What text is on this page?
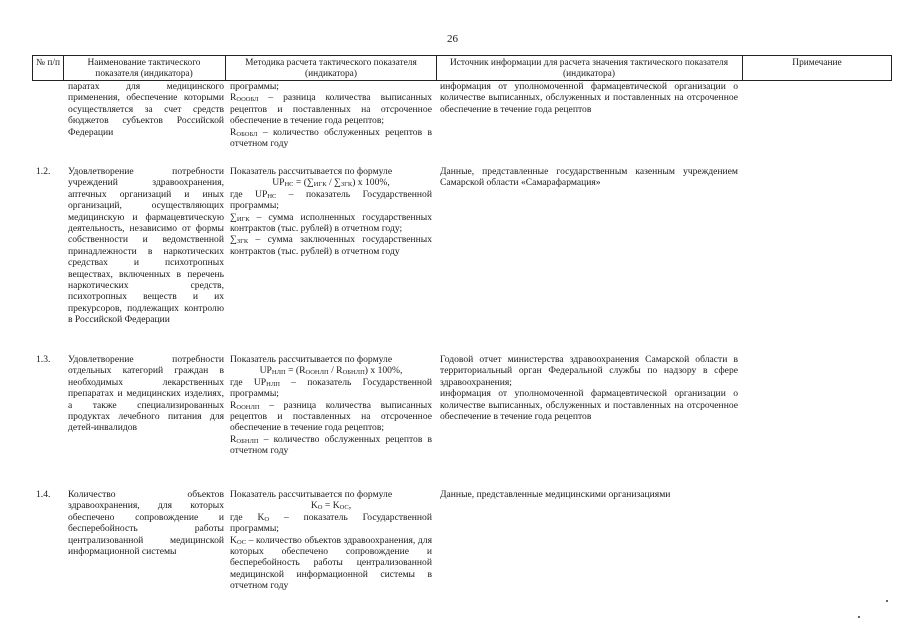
26
№ п/п	Наименование тактического показателя (индикатора)
Методика расчета тактического показателя (индикатора)
Источник информации для расчета значения тактического показателя (индикатора)
Примечание
паратах для медицинского применения, обеспечение которыми осуществляется за счет средств бюджетов субъектов Российской Федерации

программы;

$R_{ОООБЛ}$ – разница количества выписанных рецептов и поставленных на отсроченное обеспечение в течение года рецептов;

$R_{ОБОБЛ}$ – количество обслуженных рецептов в отчетном году

информация от уполномоченной фармацевтической организации о количестве выписанных, обслуженных и поставленных на отсроченное обеспечение в течение года рецептов
1.2. Удовлетворение потребности учреждений здравоохранения, аптечных организаций и иных организаций, осуществляющих медицинскую и фармацевтическую деятельность, независимо от формы собственности и ведомственной принадлежности в наркотических средствах и психотропных веществах, включенных в перечень наркотических средств, психотропных веществ и их прекурсоров, подлежащих контролю в Российской Федерации

Показатель рассчитывается по формуле

$UP_{НС} = (\sum_{ИГК} / \sum_{ЗГК})$ x 100%,

где $UP_{НС}$ – показатель Государственной программы;

$\sum_{ИГК}$ – сумма исполненных государственных контрактов (тыс. рублей) в отчетном году;

$\sum_{ЗГК}$ – сумма заключенных государственных контрактов (тыс. рублей) в отчетном году

Данные, представленные государственным казенным учреждением Самарской области «Самарафармация»
1.3. Удовлетворение потребности отдельных категорий граждан в необходимых лекарственных препаратах и медицинских изделиях, а также специализированных продуктах лечебного питания для детей-инвалидов

Показатель рассчитывается по формуле

$UP_{НЛП} = (R_{ООНЛП} / R_{ОБНЛП})$ x 100%,

где $UP_{НЛП}$ – показатель Государственной программы;

$R_{ООНЛП}$ – разница количества выписанных рецептов и поставленных на отсроченное обеспечение в течение года рецептов;

$R_{ОБНЛП}$ – количество обслуженных рецептов в отчетном году

Годовой отчет министерства здравоохранения Самарской области в территориальный орган Федеральной службы по надзору в сфере здравоохранения;

информация от уполномоченной фармацевтической организации о количестве выписанных, обслуженных и поставленных на отсроченное обеспечение в течение года рецептов

1.4. Количество объектов здравоохранения, для которых обеспечено сопровождение и бесперебойность работы централизованной медицинской информационной системы

Показатель рассчитывается по формуле

$K_О = K_{ОС}$,

где $K_О$ – показатель Государственной программы;

$K_{ОС}$ – количество объектов здравоохранения, для которых обеспечено сопровождение и бесперебойность работы централизованной медицинской информационной системы в отчетном году

Данные, представленные медицинскими организациями
